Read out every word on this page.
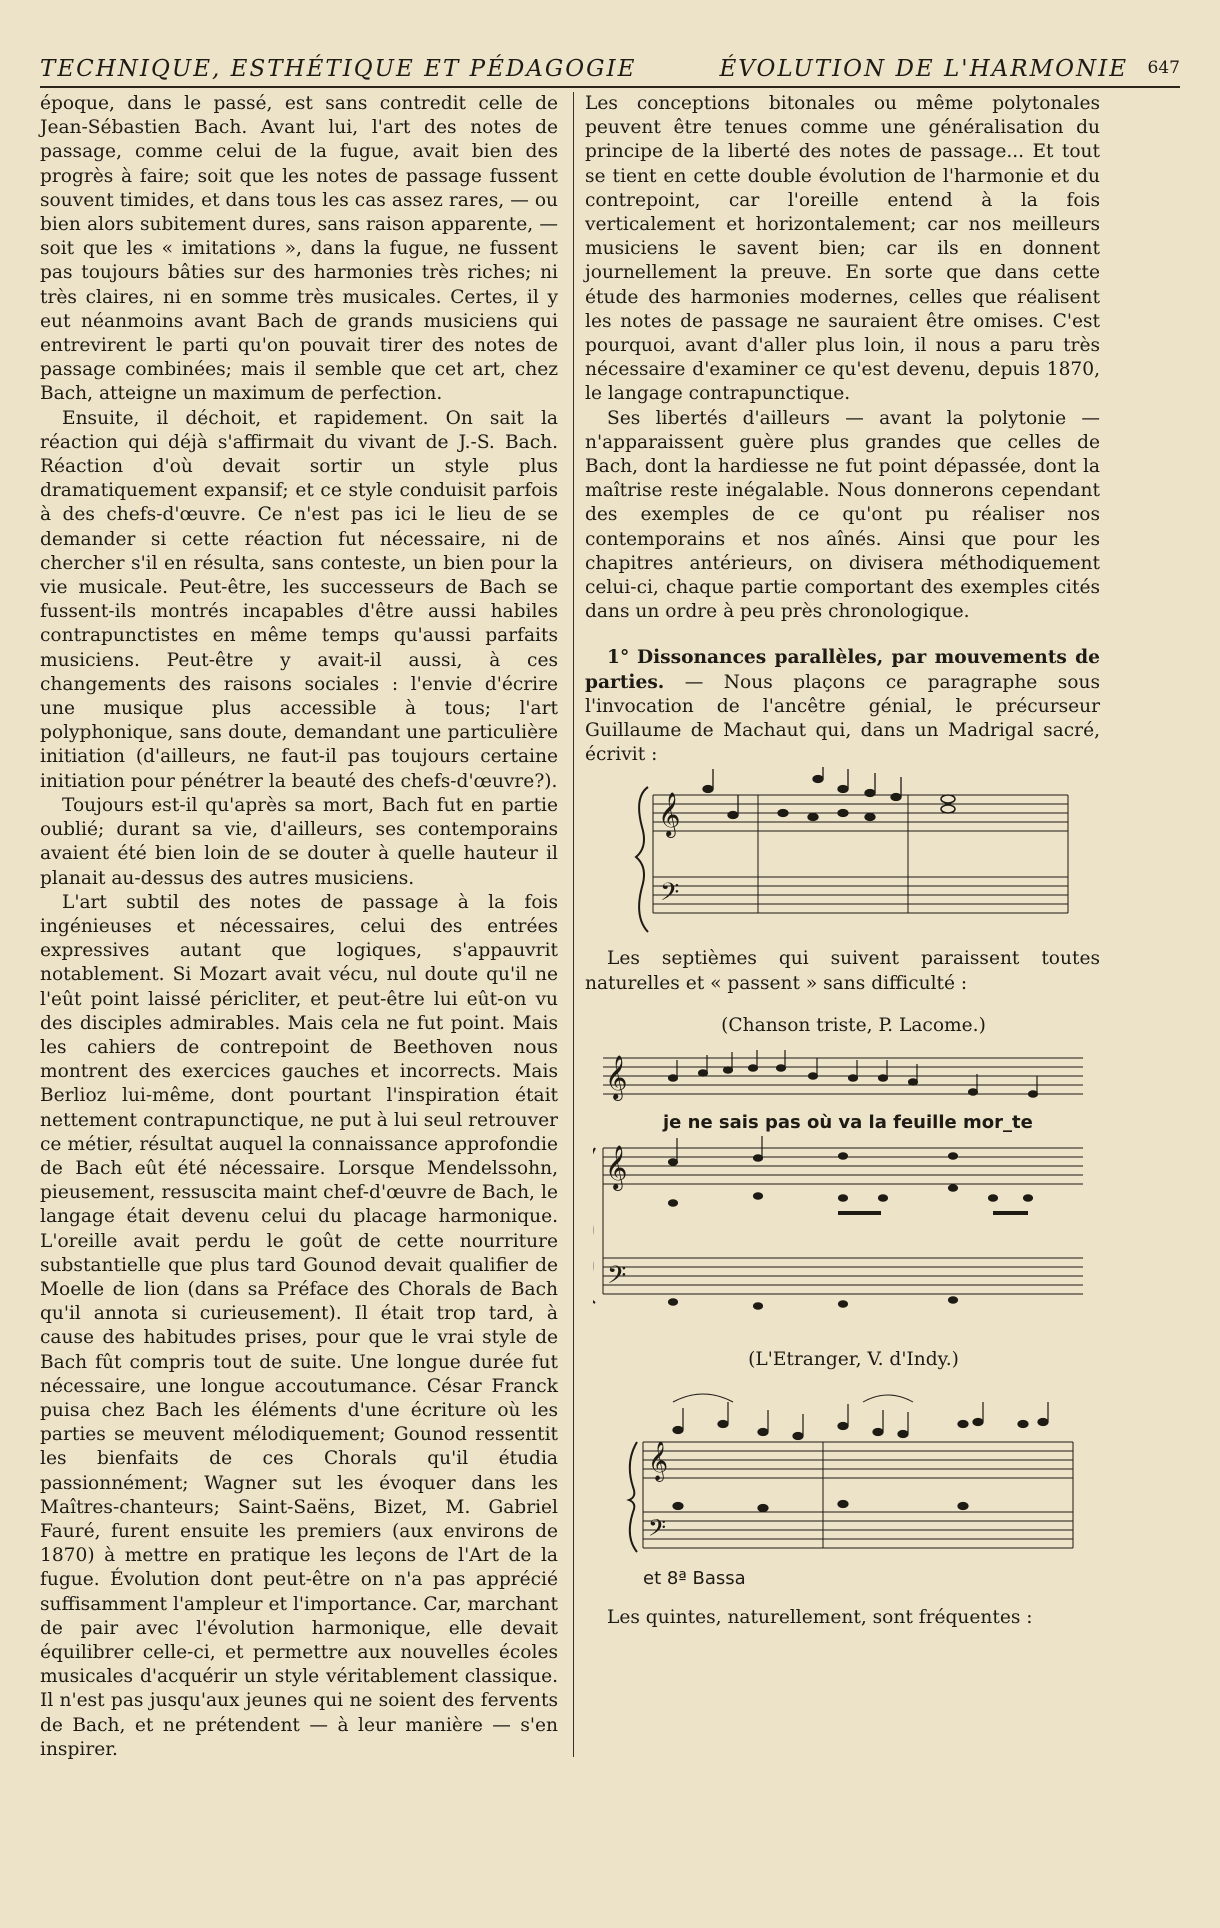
TECHNIQUE, ESTHÉTIQUE ET PÉDAGOGIE	ÉVOLUTION DE L'HARMONIE 647

époque, dans le passé, est sans contredit celle de Jean-Sébastien Bach. Avant lui, l'art des notes de passage, comme celui de la fugue, avait bien des progrès à faire; soit que les notes de passage fussent souvent timides, et dans tous les cas assez rares, — ou bien alors subitement dures, sans raison apparente, — soit que les « imitations », dans la fugue, ne fussent pas toujours bâties sur des harmonies très riches; ni très claires, ni en somme très musicales. Certes, il y eut néanmoins avant Bach de grands musiciens qui entrevirent le parti qu'on pouvait tirer des notes de passage combinées; mais il semble que cet art, chez Bach, atteigne un maximum de perfection.

Ensuite, il déchoit, et rapidement. On sait la réaction qui déjà s'affirmait du vivant de J.-S. Bach. Réaction d'où devait sortir un style plus dramatiquement expansif; et ce style conduisit parfois à des chefs-d'œuvre. Ce n'est pas ici le lieu de se demander si cette réaction fut nécessaire, ni de chercher s'il en résulta, sans conteste, un bien pour la vie musicale. Peut-être, les successeurs de Bach se fussent-ils montrés incapables d'être aussi habiles contrapunctistes en même temps qu'aussi parfaits musiciens. Peut-être y avait-il aussi, à ces changements des raisons sociales : l'envie d'écrire une musique plus accessible à tous; l'art polyphonique, sans doute, demandant une particulière initiation (d'ailleurs, ne faut-il pas toujours certaine initiation pour pénétrer la beauté des chefs-d'œuvre?).

Toujours est-il qu'après sa mort, Bach fut en partie oublié; durant sa vie, d'ailleurs, ses contemporains avaient été bien loin de se douter à quelle hauteur il planait au-dessus des autres musiciens.

L'art subtil des notes de passage à la fois ingénieuses et nécessaires, celui des entrées expressives autant que logiques, s'appauvrit notablement. Si Mozart avait vécu, nul doute qu'il ne l'eût point laissé péricliter, et peut-être lui eût-on vu des disciples admirables. Mais cela ne fut point. Mais les cahiers de contrepoint de Beethoven nous montrent des exercices gauches et incorrects. Mais Berlioz lui-même, dont pourtant l'inspiration était nettement contrapunctique, ne put à lui seul retrouver ce métier, résultat auquel la connaissance approfondie de Bach eût été nécessaire. Lorsque Mendelssohn, pieusement, ressuscita maint chef-d'œuvre de Bach, le langage était devenu celui du placage harmonique. L'oreille avait perdu le goût de cette nourriture substantielle que plus tard Gounod devait qualifier de Moelle de lion (dans sa Préface des Chorals de Bach qu'il annota si curieusement). Il était trop tard, à cause des habitudes prises, pour que le vrai style de Bach fût compris tout de suite. Une longue durée fut nécessaire, une longue accoutumance. César Franck puisa chez Bach les éléments d'une écriture où les parties se meuvent mélodiquement; Gounod ressentit les bienfaits de ces Chorals qu'il étudia passionnément; Wagner sut les évoquer dans les Maîtres-chanteurs; Saint-Saëns, Bizet, M. Gabriel Fauré, furent ensuite les premiers (aux environs de 1870) à mettre en pratique les leçons de l'Art de la fugue. Évolution dont peut-être on n'a pas apprécié suffisamment l'ampleur et l'importance. Car, marchant de pair avec l'évolution harmonique, elle devait équilibrer celle-ci, et permettre aux nouvelles écoles musicales d'acquérir un style véritablement classique. Il n'est pas jusqu'aux jeunes qui ne soient des fervents de Bach, et ne prétendent — à leur manière — s'en inspirer.

Les conceptions bitonales ou même polytonales peuvent être tenues comme une généralisation du principe de la liberté des notes de passage... Et tout se tient en cette double évolution de l'harmonie et du contrepoint, car l'oreille entend à la fois verticalement et horizontalement; car nos meilleurs musiciens le savent bien; car ils en donnent journellement la preuve. En sorte que dans cette étude des harmonies modernes, celles que réalisent les notes de passage ne sauraient être omises. C'est pourquoi, avant d'aller plus loin, il nous a paru très nécessaire d'examiner ce qu'est devenu, depuis 1870, le langage contrapunctique.

Ses libertés d'ailleurs — avant la polytonie — n'apparaissent guère plus grandes que celles de Bach, dont la hardiesse ne fut point dépassée, dont la maîtrise reste inégalable. Nous donnerons cependant des exemples de ce qu'ont pu réaliser nos contemporains et nos aînés. Ainsi que pour les chapitres antérieurs, on divisera méthodiquement celui-ci, chaque partie comportant des exemples cités dans un ordre à peu près chronologique.

1° Dissonances parallèles, par mouvements de parties. — Nous plaçons ce paragraphe sous l'invocation de l'ancêtre génial, le précurseur Guillaume de Machaut qui, dans un Madrigal sacré, écrivit :

𝄞
𝄢

Les septièmes qui suivent paraissent toutes naturelles et « passent » sans difficulté :

(Chanson triste, P. Lacome.)

𝄞
𝄞
𝄢
je ne sais pas où va la feuille mor_te

(L'Etranger, V. d'Indy.)

𝄞
𝄢
et 8ª Bassa

Les quintes, naturellement, sont fréquentes :
